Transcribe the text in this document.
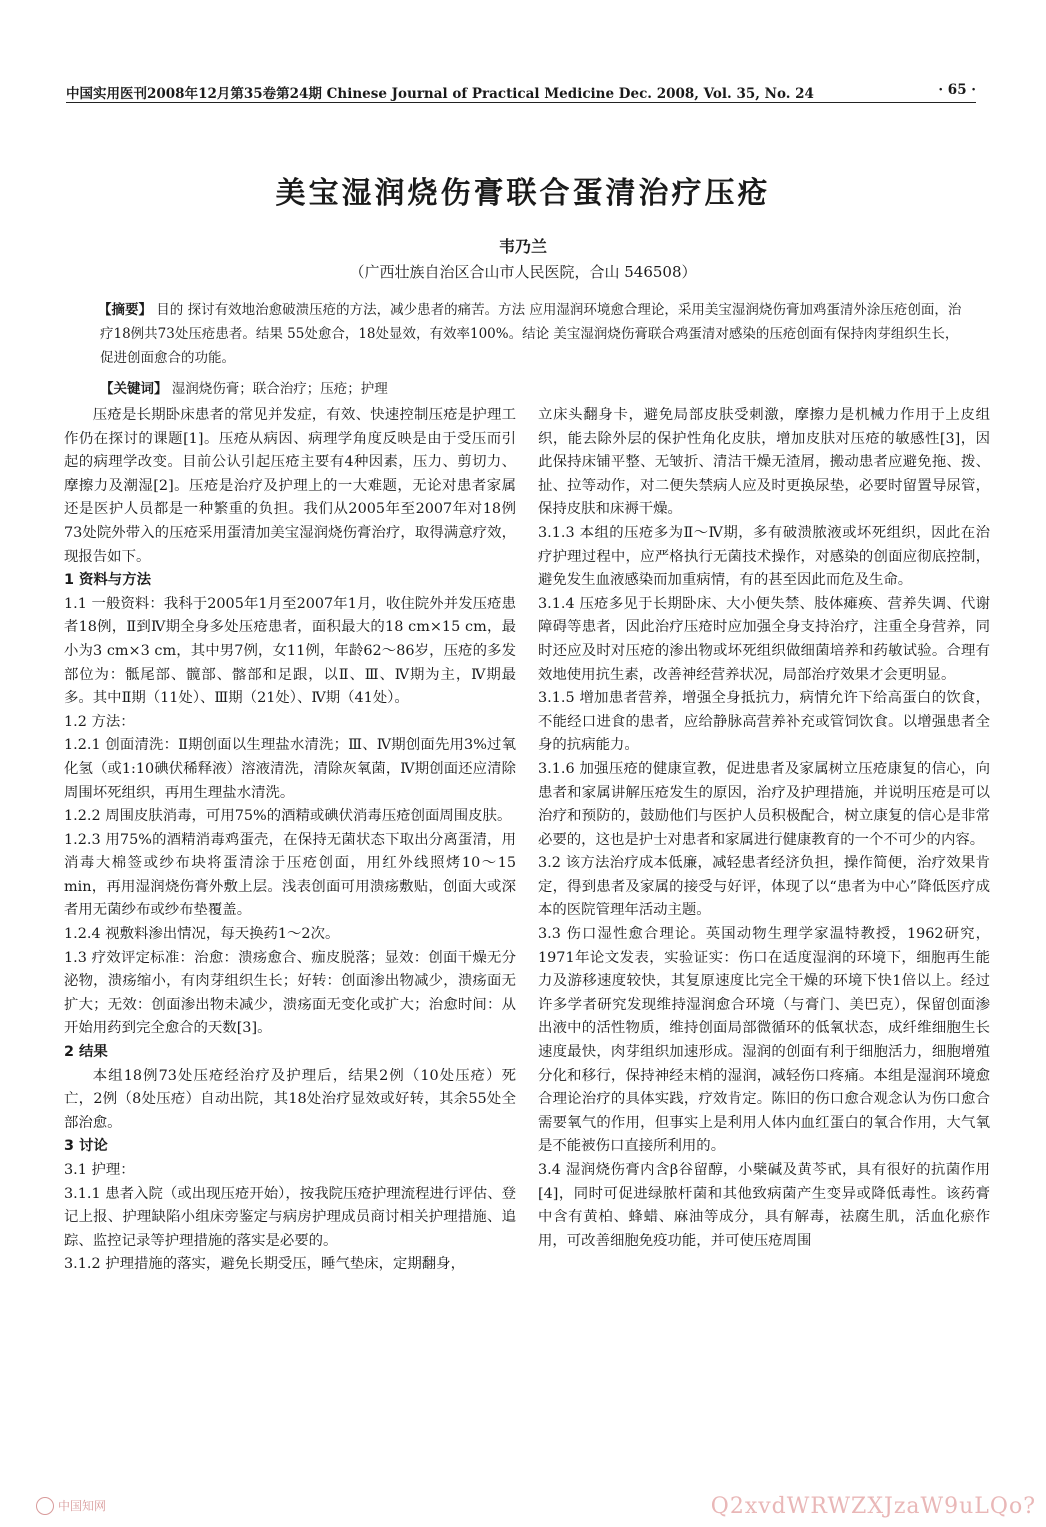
中国实用医刊2008年12月第35卷第24期 Chinese Journal of Practical Medicine Dec. 2008, Vol. 35, No. 24	· 65 ·
美宝湿润烧伤膏联合蛋清治疗压疮
韦乃兰
（广西壮族自治区合山市人民医院，合山 546508）
【摘要】 目的 探讨有效地治愈破溃压疮的方法，减少患者的痛苦。方法 应用湿润环境愈合理论，采用美宝湿润烧伤膏加鸡蛋清外涂压疮创面，治疗18例共73处压疮患者。结果 55处愈合，18处显效，有效率100%。结论 美宝湿润烧伤膏联合鸡蛋清对感染的压疮创面有保持肉芽组织生长，促进创面愈合的功能。
【关键词】 湿润烧伤膏；联合治疗；压疮；护理

压疮是长期卧床患者的常见并发症，有效、快速控制压疮是护理工作仍在探讨的课题[1]。压疮从病因、病理学角度反映是由于受压而引起的病理学改变。目前公认引起压疮主要有4种因素，压力、剪切力、摩擦力及潮湿[2]。压疮是治疗及护理上的一大难题，无论对患者家属还是医护人员都是一种繁重的负担。我们从2005年至2007年对18例73处院外带入的压疮采用蛋清加美宝湿润烧伤膏治疗，取得满意疗效，现报告如下。

1 资料与方法

1.1 一般资料：我科于2005年1月至2007年1月，收住院外并发压疮患者18例，Ⅱ到Ⅳ期全身多处压疮患者，面积最大的18 cm×15 cm，最小为3 cm×3 cm，其中男7例，女11例，年龄62～86岁，压疮的多发部位为：骶尾部、髋部、髂部和足跟，以Ⅱ、Ⅲ、Ⅳ期为主，Ⅳ期最多。其中Ⅱ期（11处）、Ⅲ期（21处）、Ⅳ期（41处）。

1.2 方法：

1.2.1 创面清洗：Ⅱ期创面以生理盐水清洗；Ⅲ、Ⅳ期创面先用3%过氧化氢（或1:10碘伏稀释液）溶液清洗，清除灰氧菌，Ⅳ期创面还应清除周围坏死组织，再用生理盐水清洗。

1.2.2 周围皮肤消毒，可用75%的酒精或碘伏消毒压疮创面周围皮肤。

1.2.3 用75%的酒精消毒鸡蛋壳，在保持无菌状态下取出分离蛋清，用消毒大棉签或纱布块将蛋清涂于压疮创面，用红外线照烤10～15 min，再用湿润烧伤膏外敷上层。浅表创面可用溃疡敷贴，创面大或深者用无菌纱布或纱布垫覆盖。

1.2.4 视敷料渗出情况，每天换药1～2次。

1.3 疗效评定标准：治愈：溃疡愈合、痂皮脱落；显效：创面干燥无分泌物，溃疡缩小，有肉芽组织生长；好转：创面渗出物减少，溃疡面无扩大；无效：创面渗出物未减少，溃疡面无变化或扩大；治愈时间：从开始用药到完全愈合的天数[3]。

2 结果

本组18例73处压疮经治疗及护理后，结果2例（10处压疮）死亡，2例（8处压疮）自动出院，其18处治疗显效或好转，其余55处全部治愈。

3 讨论

3.1 护理：

3.1.1 患者入院（或出现压疮开始），按我院压疮护理流程进行评估、登记上报、护理缺陷小组床旁鉴定与病房护理成员商讨相关护理措施、追踪、监控记录等护理措施的落实是必要的。

3.1.2 护理措施的落实，避免长期受压，睡气垫床，定期翻身，

立床头翻身卡，避免局部皮肤受刺激，摩擦力是机械力作用于上皮组织，能去除外层的保护性角化皮肤，增加皮肤对压疮的敏感性[3]，因此保持床铺平整、无皱折、清洁干燥无渣屑，搬动患者应避免拖、拨、扯、拉等动作，对二便失禁病人应及时更换尿垫，必要时留置导尿管，保持皮肤和床褥干燥。

3.1.3 本组的压疮多为Ⅱ～Ⅳ期，多有破溃脓液或坏死组织，因此在治疗护理过程中，应严格执行无菌技术操作，对感染的创面应彻底控制，避免发生血液感染而加重病情，有的甚至因此而危及生命。

3.1.4 压疮多见于长期卧床、大小便失禁、肢体瘫痪、营养失调、代谢障碍等患者，因此治疗压疮时应加强全身支持治疗，注重全身营养，同时还应及时对压疮的渗出物或坏死组织做细菌培养和药敏试验。合理有效地使用抗生素，改善神经营养状况，局部治疗效果才会更明显。

3.1.5 增加患者营养，增强全身抵抗力，病情允许下给高蛋白的饮食，不能经口进食的患者，应给静脉高营养补充或管饲饮食。以增强患者全身的抗病能力。

3.1.6 加强压疮的健康宣教，促进患者及家属树立压疮康复的信心，向患者和家属讲解压疮发生的原因，治疗及护理措施，并说明压疮是可以治疗和预防的，鼓励他们与医护人员积极配合，树立康复的信心是非常必要的，这也是护士对患者和家属进行健康教育的一个不可少的内容。

3.2 该方法治疗成本低廉，减轻患者经济负担，操作简便，治疗效果肯定，得到患者及家属的接受与好评，体现了以“患者为中心”降低医疗成本的医院管理年活动主题。

3.3 伤口湿性愈合理论。英国动物生理学家温特教授，1962研究，1971年论文发表，实验证实：伤口在适度湿润的环境下，细胞再生能力及游移速度较快，其复原速度比完全干燥的环境下快1倍以上。经过许多学者研究发现维持湿润愈合环境（与膏门、美巴克），保留创面渗出液中的活性物质，维持创面局部微循环的低氧状态，成纤维细胞生长速度最快，肉芽组织加速形成。湿润的创面有利于细胞活力，细胞增殖分化和移行，保持神经末梢的湿润，减轻伤口疼痛。本组是湿润环境愈合理论治疗的具体实践，疗效肯定。陈旧的伤口愈合观念认为伤口愈合需要氧气的作用，但事实上是利用人体内血红蛋白的氧合作用，大气氧是不能被伤口直接所利用的。

3.4 湿润烧伤膏内含β谷留醇，小檗碱及黄芩甙，具有很好的抗菌作用[4]，同时可促进绿脓杆菌和其他致病菌产生变异或降低毒性。该药膏中含有黄柏、蜂蜡、麻油等成分，具有解毒，祛腐生肌，活血化瘀作用，可改善细胞免疫功能，并可使压疮周围

中国知网	Q2xvdWRWZXJzaW9uLQo?
